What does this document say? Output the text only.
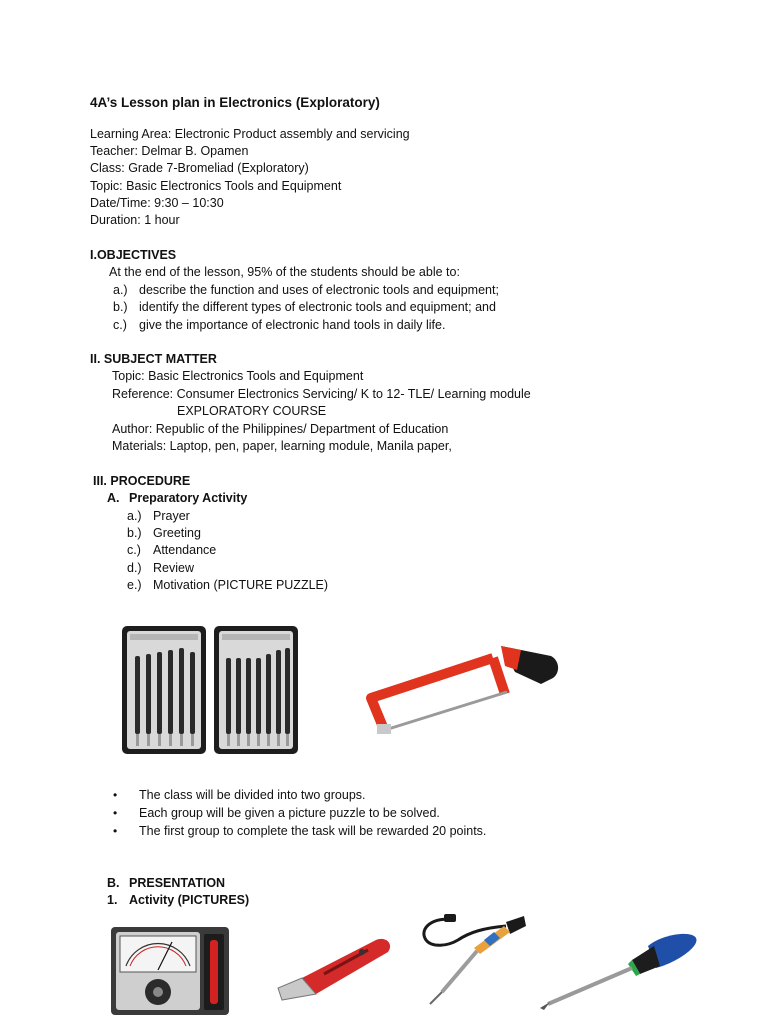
4A’s Lesson plan in Electronics (Exploratory)
Learning Area: Electronic Product assembly and servicing
Teacher: Delmar B. Opamen
Class: Grade 7-Bromeliad (Exploratory)
Topic: Basic Electronics Tools and Equipment
Date/Time: 9:30 – 10:30
Duration: 1 hour
I.OBJECTIVES
At the end of the lesson, 95% of the students should be able to:
a.) describe the function and uses of electronic tools and equipment;
b.) identify the different types of electronic tools and equipment; and
c.) give the importance of electronic hand tools in daily life.
II. SUBJECT MATTER
Topic: Basic Electronics Tools and Equipment
Reference: Consumer Electronics Servicing/ K to 12- TLE/ Learning module
EXPLORATORY COURSE
Author: Republic of the Philippines/ Department of Education
Materials: Laptop, pen, paper, learning module, Manila paper,
III. PROCEDURE
A. Preparatory Activity
a.) Prayer
b.) Greeting
c.) Attendance
d.) Review
e.) Motivation (PICTURE PUZZLE)
• The class will be divided into two groups.
• Each group will be given a picture puzzle to be solved.
• The first group to complete the task will be rewarded 20 points.
B. PRESENTATION
1. Activity (PICTURES)
